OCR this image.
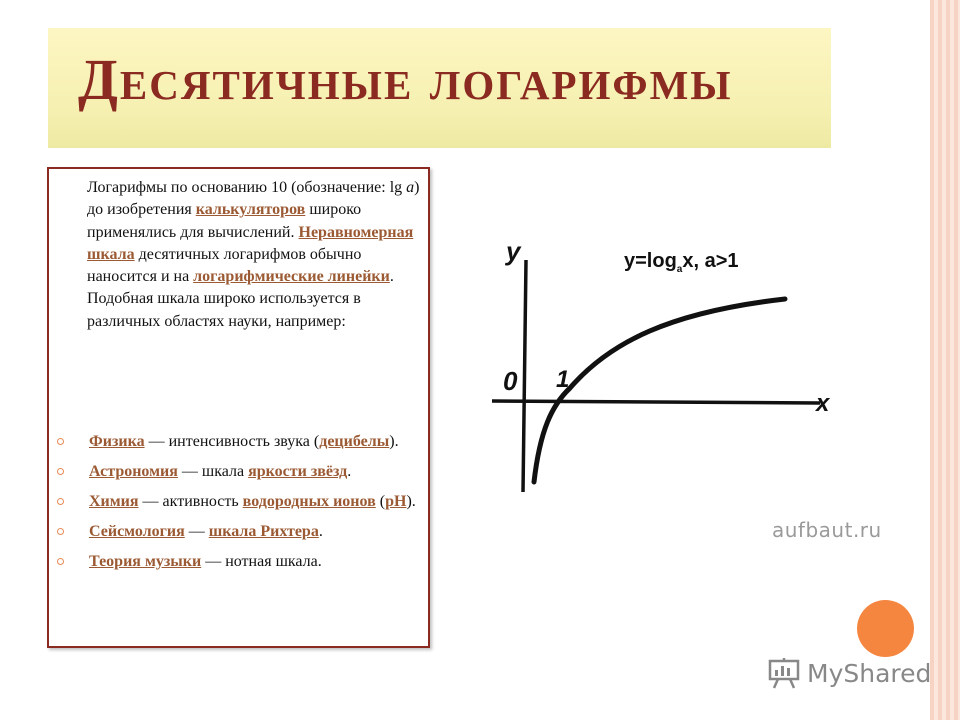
Десятичные логарифмы
Логарифмы по основанию 10 (обозначение: lg a) до изобретения калькуляторов широко применялись для вычислений. Неравномерная шкала десятичных логарифмов обычно наносится и на логарифмические линейки. Подобная шкала широко используется в различных областях науки, например:
Физика — интенсивность звука (децибелы).
Астрономия — шкала яркости звёзд.
Химия — активность водородных ионов (pH).
Сейсмология — шкала Рихтера.
Теория музыки — нотная шкала.
$y=\log_ax$, a>1
y
x
0 1
aufbaut.ru
MyShared
